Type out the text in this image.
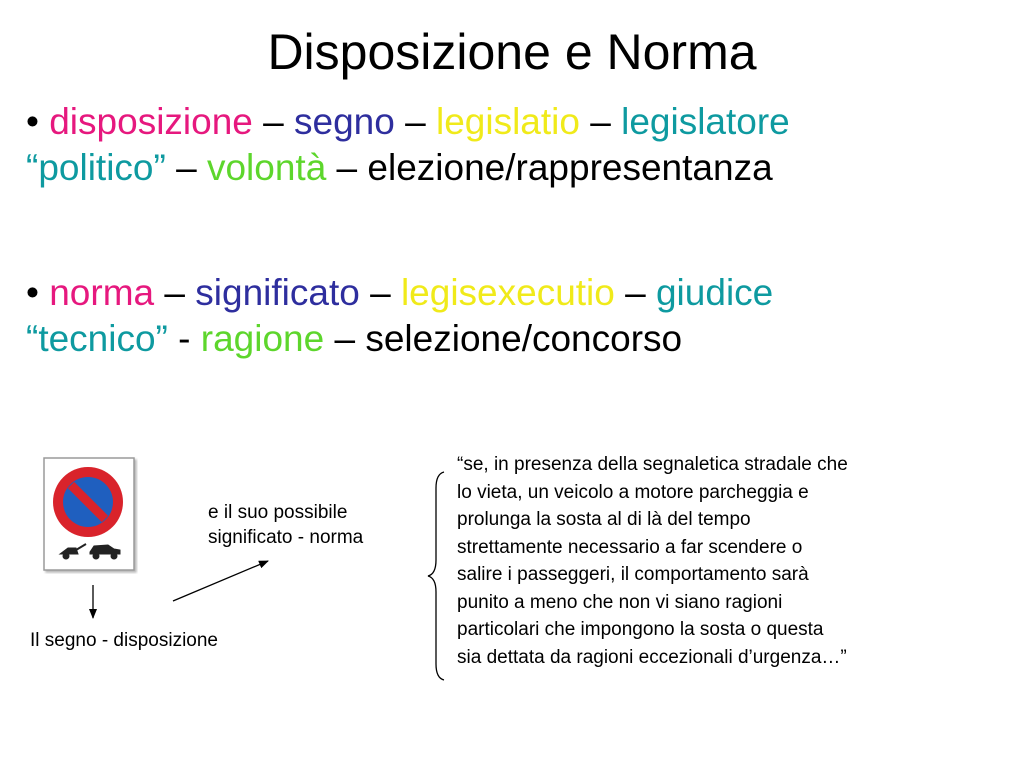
Disposizione e Norma
• disposizione – segno – legislatio – legislatore
“politico” – volontà – elezione/rappresentanza
• norma – significato – legisexecutio – giudice
“tecnico” - ragione – selezione/concorso
Il segno - disposizione
e il suo possibile
significato - norma
“se, in presenza della segnaletica stradale che
lo vieta, un veicolo a motore parcheggia e
prolunga la sosta al di là del tempo
strettamente necessario a far scendere o
salire i passeggeri, il comportamento sarà
punito a meno che non vi siano ragioni
particolari che impongono la sosta o questa
sia dettata da ragioni eccezionali d’urgenza…”
